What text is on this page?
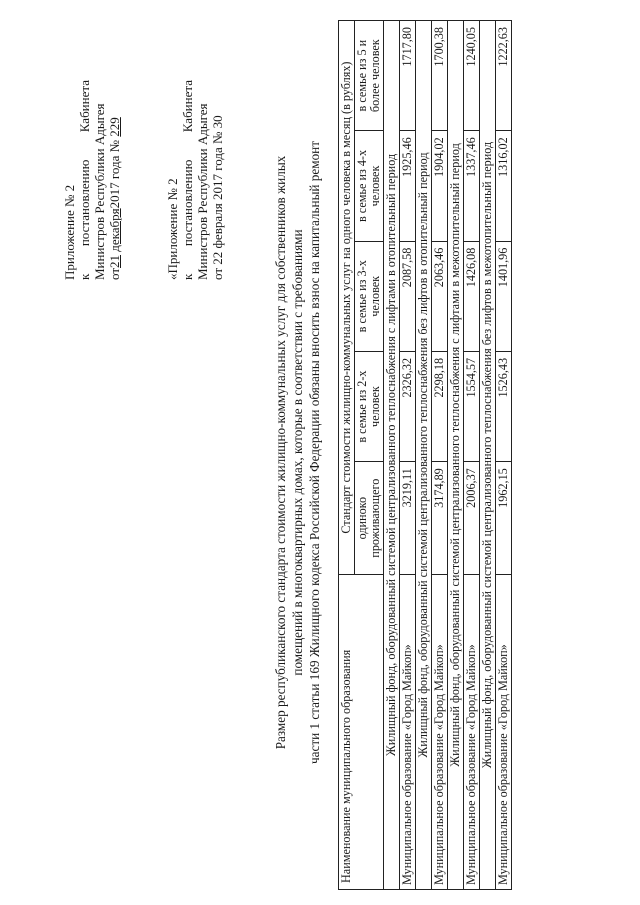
Приложение № 2 к
постановлению
Кабинета Министров Республики Адыгея от21 декабря2017 года № 229
«Приложение № 2 к
постановлению
Кабинета Министров Республики Адыгея от 22 февраля 2017 года № 30	Размер республиканского стандарта стоимости жилищно-коммунальных услуг для собственников жилых помещений в многоквартирных домах, которые в соответствии с требованиями части 1 статьи 169 Жилищного кодекса Российской Федерации обязаны вносить взнос на капитальный ремонт
Наименование муниципального образования	Стандарт стоимости жилищно-коммунальных услуг на одного человека в месяц (в рублях)				
	одиноко проживающего	в семье из 2-х человек	в семье из 3-х человек	в семье из 4-х человек	в семье из 5 и более человек
Жилищный фонд, оборудованный системой централизованного теплоснабжения с лифтами в отопительный период					
Муниципальное образование «Город Майкоп»	3219,11	2326,32	2087,58	1925,46	1717,80
Жилищный фонд, оборудованный системой централизованного теплоснабжения без лифтов в отопительный период					
Муниципальное образование «Город Майкоп»	3174,89	2298,18	2063,46	1904,02	1700,38
Жилищный фонд, оборудованный системой централизованного теплоснабжения с лифтами в межотопительный период					
Муниципальное образование «Город Майкоп»	2006,37	1554,57	1426,08	1337,46	1240,05
Жилищный фонд, оборудованный системой централизованного теплоснабжения без лифтов в межотопительный период					
Муниципальное образование «Город Майкоп»	1962,15	1526,43	1401,96	1316,02	1222,63
